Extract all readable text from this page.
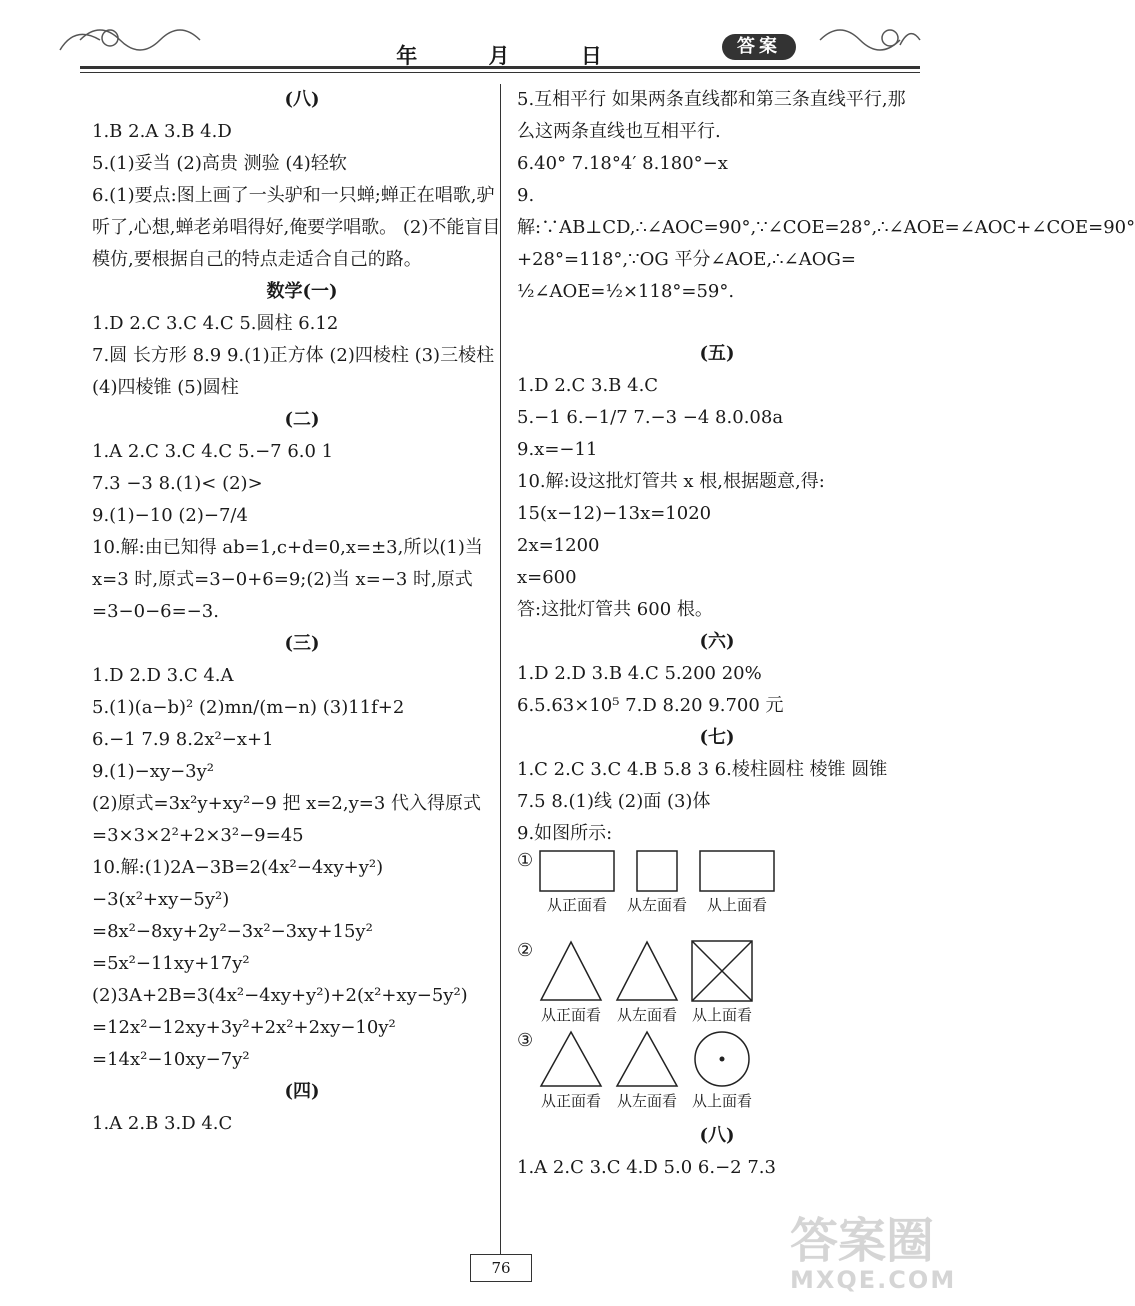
年	月	日	答案
(八)
1.B 2.A 3.B 4.D
5.(1)妥当 (2)高贵 测验 (4)轻软
6.(1)要点:图上画了一头驴和一只蝉;蝉正在唱歌,驴听了,心想,蝉老弟唱得好,俺要学唱歌。 (2)不能盲目模仿,要根据自己的特点走适合自己的路。
数学(一)
1.D 2.C 3.C 4.C 5.圆柱 6.12
7.圆 长方形 8.9 9.(1)正方体 (2)四棱柱 (3)三棱柱 (4)四棱锥 (5)圆柱
(二)
1.A 2.C 3.C 4.C 5.−7 6.0 1
7.3 −3 8.(1)< (2)>
9.(1)−10 (2)−7/4
10.解:由已知得 ab=1,c+d=0,x=±3,所以(1)当 x=3 时,原式=3−0+6=9;(2)当 x=−3 时,原式=3−0−6=−3.
(三)
1.D 2.D 3.C 4.A
5.(1)(a−b)² (2)mn/(m−n) (3)11f+2
6.−1 7.9 8.2x²−x+1
9.(1)−xy−3y²
(2)原式=3x²y+xy²−9 把 x=2,y=3 代入得原式=3×3×2²+2×3²−9=45
10.解:(1)2A−3B=2(4x²−4xy+y²)−3(x²+xy−5y²)
=8x²−8xy+2y²−3x²−3xy+15y²
=5x²−11xy+17y²
(2)3A+2B=3(4x²−4xy+y²)+2(x²+xy−5y²)
=12x²−12xy+3y²+2x²+2xy−10y²
=14x²−10xy−7y²
(四)
1.A 2.B 3.D 4.C
5.互相平行 如果两条直线都和第三条直线平行,那么这两条直线也互相平行.
6.40° 7.18°4′ 8.180°−x
9.解:∵AB⊥CD,∴∠AOC=90°,∵∠COE=28°,∴∠AOE=∠AOC+∠COE=90°+28°=118°,∵OG 平分∠AOE,∴∠AOG=
½∠AOE=½×118°=59°.
(五)
1.D 2.C 3.B 4.C
5.−1 6.−1/7 7.−3 −4 8.0.08a
9.x=−11
10.解:设这批灯管共 x 根,根据题意,得:
15(x−12)−13x=1020
2x=1200
x=600
答:这批灯管共 600 根。
(六)
1.D 2.D 3.B 4.C 5.200 20%
6.5.63×10⁵ 7.D 8.20 9.700 元
(七)
1.C 2.C 3.C 4.B 5.8 3 6.棱柱圆柱 棱锥 圆锥 7.5 8.(1)线 (2)面 (3)体
9.如图所示:
①
从正面看 从左面看 从上面看
②
从正面看 从左面看 从上面看
③
从正面看 从左面看 从上面看
(八)
1.A 2.C 3.C 4.D 5.0 6.−2 7.3
76	答案圈
MXQE.COM
